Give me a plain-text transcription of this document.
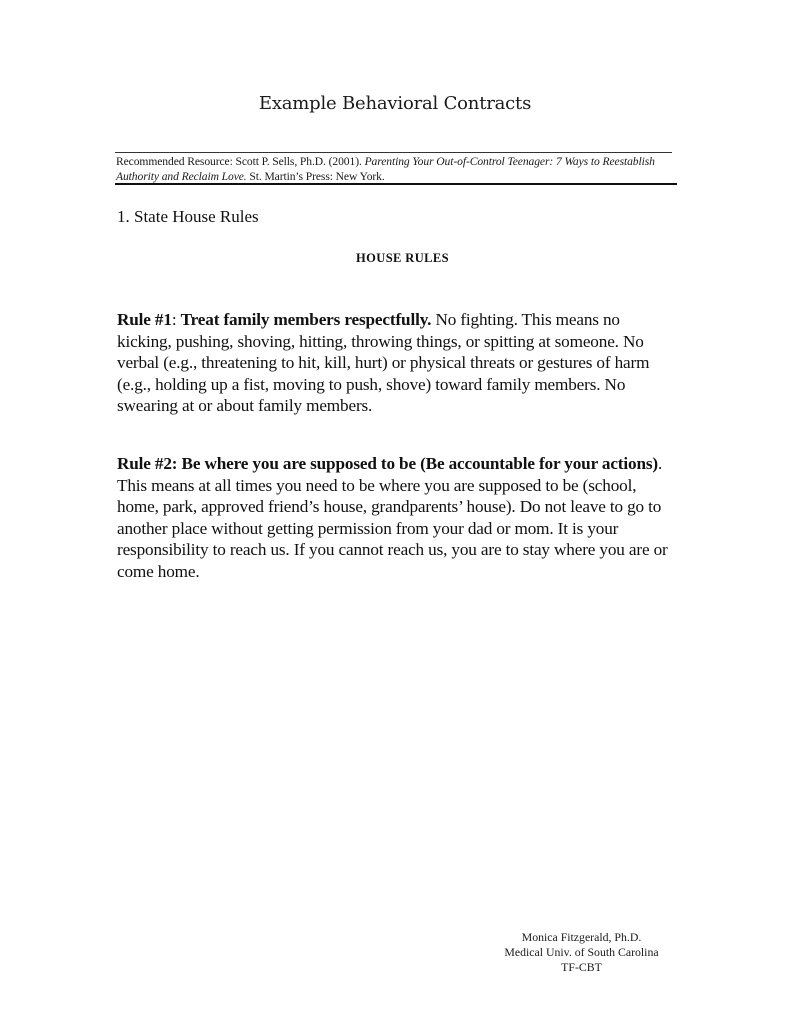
Example Behavioral Contracts
Recommended Resource: Scott P. Sells, Ph.D. (2001). Parenting Your Out-of-Control Teenager: 7 Ways to Reestablish Authority and Reclaim Love. St. Martin’s Press: New York.
1. State House Rules
HOUSE RULES
Rule #1: Treat family members respectfully. No fighting. This means no kicking, pushing, shoving, hitting, throwing things, or spitting at someone. No verbal (e.g., threatening to hit, kill, hurt) or physical threats or gestures of harm (e.g., holding up a fist, moving to push, shove) toward family members. No swearing at or about family members.
Rule #2: Be where you are supposed to be (Be accountable for your actions). This means at all times you need to be where you are supposed to be (school, home, park, approved friend’s house, grandparents’ house). Do not leave to go to another place without getting permission from your dad or mom. It is your responsibility to reach us. If you cannot reach us, you are to stay where you are or come home.
Monica Fitzgerald, Ph.D.
Medical Univ. of South Carolina
TF-CBT
